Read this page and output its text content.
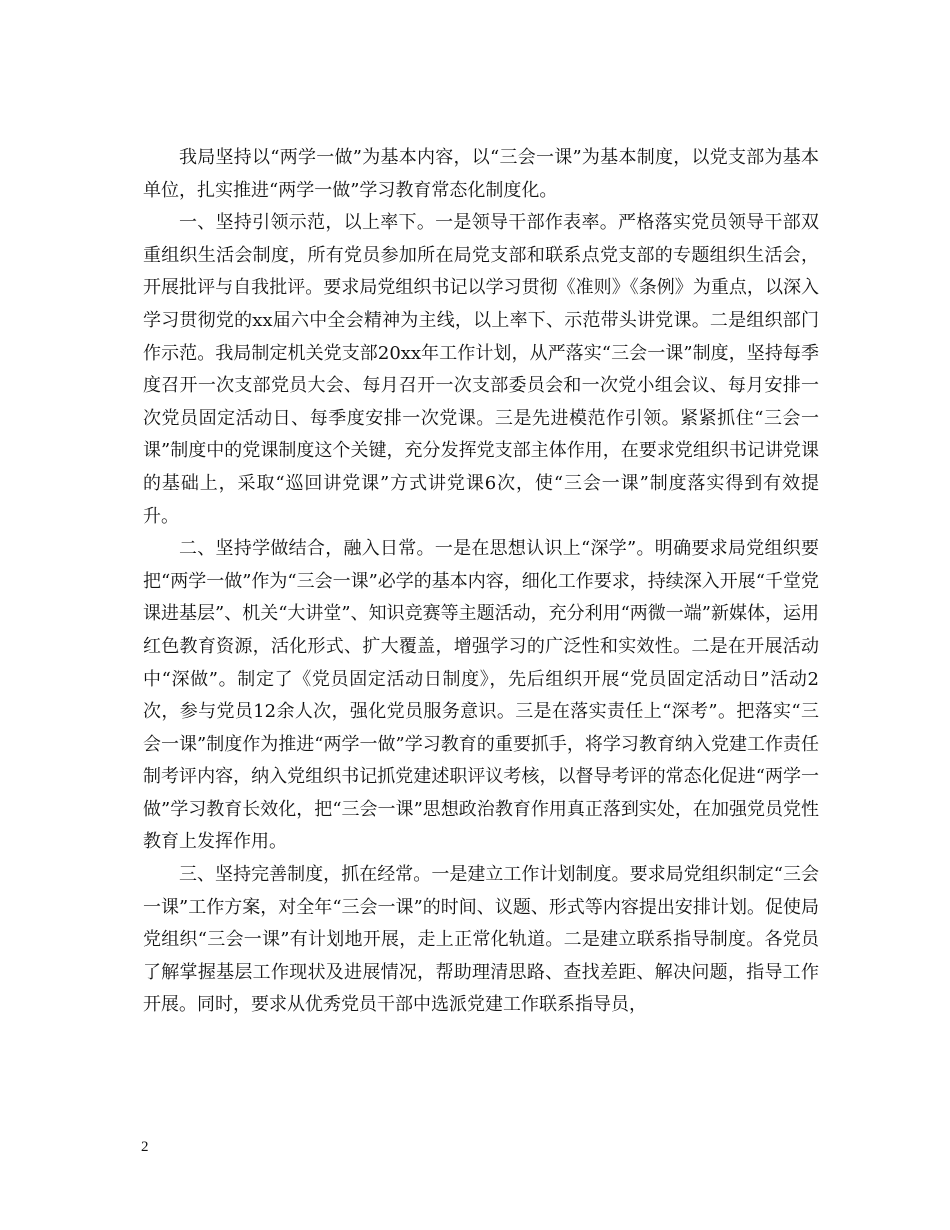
我局坚持以“两学一做”为基本内容，以“三会一课”为基本制度，以党支部为基本单位，扎实推进“两学一做”学习教育常态化制度化。

一、坚持引领示范，以上率下。一是领导干部作表率。严格落实党员领导干部双重组织生活会制度，所有党员参加所在局党支部和联系点党支部的专题组织生活会，开展批评与自我批评。要求局党组织书记以学习贯彻《准则》《条例》为重点，以深入学习贯彻党的xx届六中全会精神为主线，以上率下、示范带头讲党课。二是组织部门作示范。我局制定机关党支部20xx年工作计划，从严落实“三会一课”制度，坚持每季度召开一次支部党员大会、每月召开一次支部委员会和一次党小组会议、每月安排一次党员固定活动日、每季度安排一次党课。三是先进模范作引领。紧紧抓住“三会一课”制度中的党课制度这个关键，充分发挥党支部主体作用，在要求党组织书记讲党课的基础上，采取“巡回讲党课”方式讲党课6次，使“三会一课”制度落实得到有效提升。

二、坚持学做结合，融入日常。一是在思想认识上“深学”。明确要求局党组织要把“两学一做”作为“三会一课”必学的基本内容，细化工作要求，持续深入开展“千堂党课进基层”、机关“大讲堂”、知识竞赛等主题活动，充分利用“两微一端”新媒体，运用红色教育资源，活化形式、扩大覆盖，增强学习的广泛性和实效性。二是在开展活动中“深做”。制定了《党员固定活动日制度》，先后组织开展“党员固定活动日”活动2次，参与党员12余人次，强化党员服务意识。三是在落实责任上“深考”。把落实“三会一课”制度作为推进“两学一做”学习教育的重要抓手，将学习教育纳入党建工作责任制考评内容，纳入党组织书记抓党建述职评议考核，以督导考评的常态化促进“两学一做”学习教育长效化，把“三会一课”思想政治教育作用真正落到实处，在加强党员党性教育上发挥作用。

三、坚持完善制度，抓在经常。一是建立工作计划制度。要求局党组织制定“三会一课”工作方案，对全年“三会一课”的时间、议题、形式等内容提出安排计划。促使局党组织“三会一课”有计划地开展，走上正常化轨道。二是建立联系指导制度。各党员了解掌握基层工作现状及进展情况，帮助理清思路、查找差距、解决问题，指导工作开展。同时，要求从优秀党员干部中选派党建工作联系指导员，

2
